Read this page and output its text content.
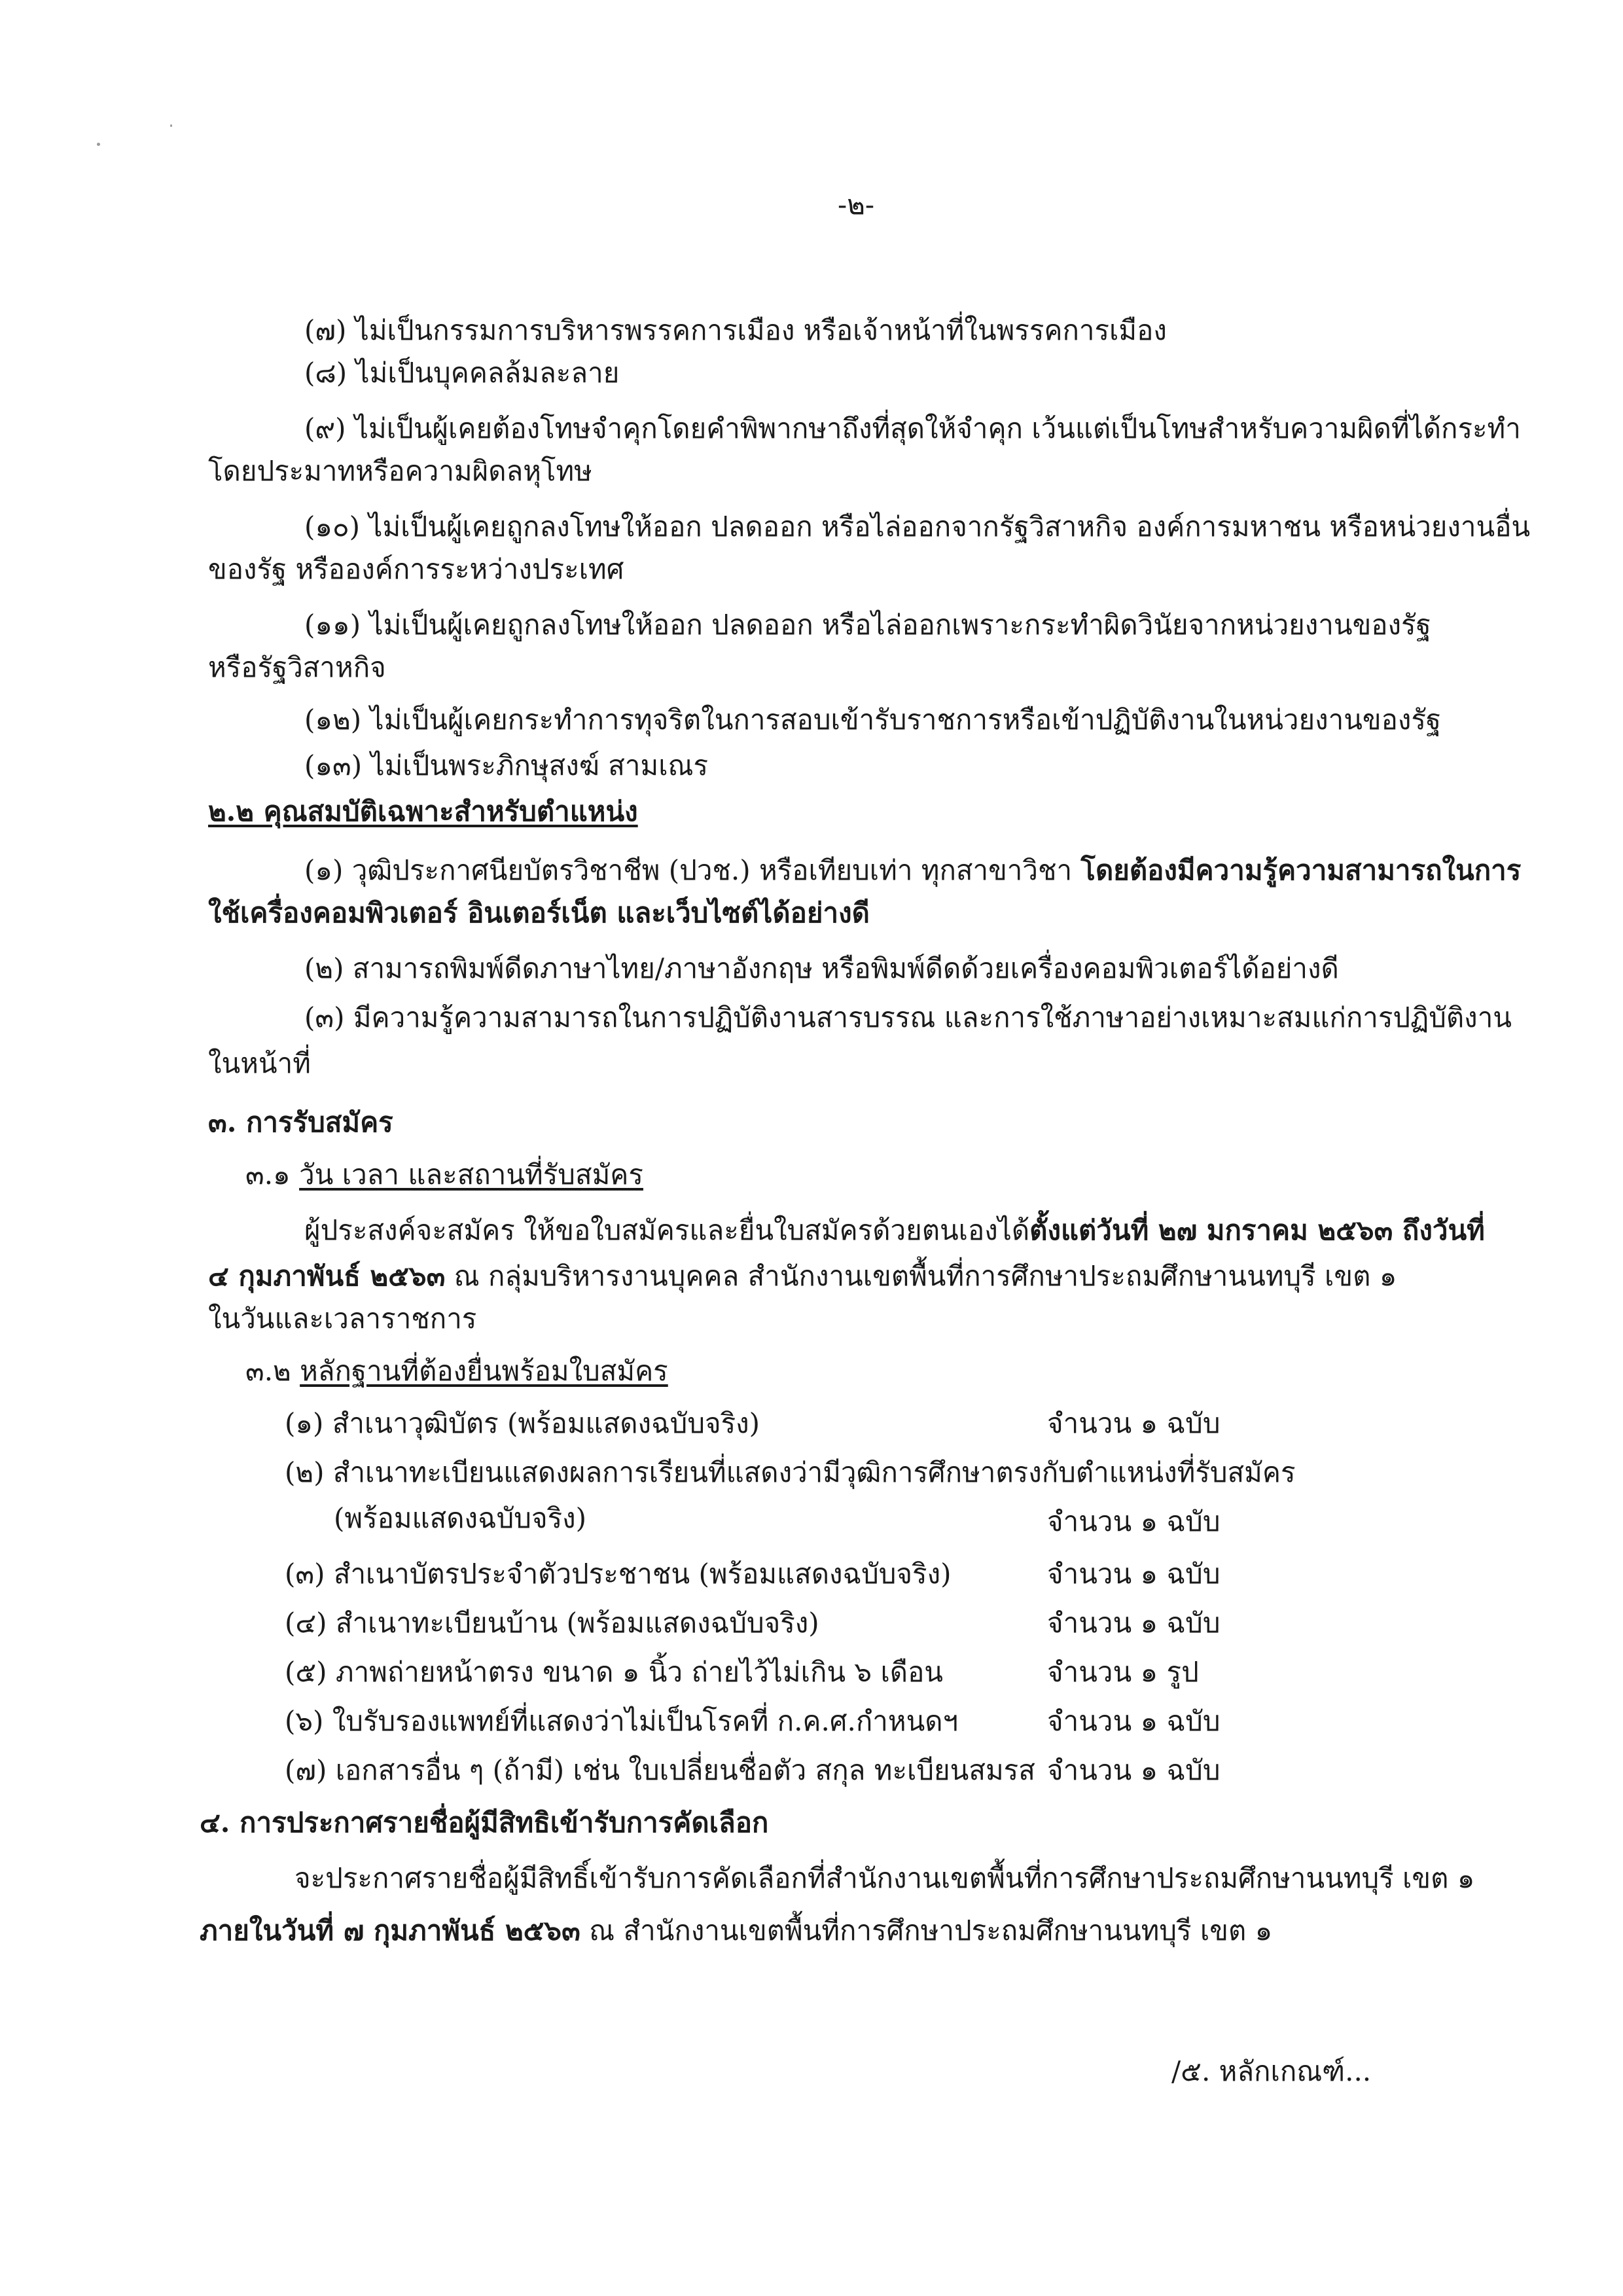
-๒-
(๗) ไม่เป็นกรรมการบริหารพรรคการเมือง หรือเจ้าหน้าที่ในพรรคการเมือง
(๘) ไม่เป็นบุคคลล้มละลาย
(๙) ไม่เป็นผู้เคยต้องโทษจำคุกโดยคำพิพากษาถึงที่สุดให้จำคุก เว้นแต่เป็นโทษสำหรับความผิดที่ได้กระทำ
โดยประมาทหรือความผิดลหุโทษ
(๑๐) ไม่เป็นผู้เคยถูกลงโทษให้ออก ปลดออก หรือไล่ออกจากรัฐวิสาหกิจ องค์การมหาชน หรือหน่วยงานอื่น
ของรัฐ หรือองค์การระหว่างประเทศ
(๑๑) ไม่เป็นผู้เคยถูกลงโทษให้ออก ปลดออก หรือไล่ออกเพราะกระทำผิดวินัยจากหน่วยงานของรัฐ
หรือรัฐวิสาหกิจ
(๑๒) ไม่เป็นผู้เคยกระทำการทุจริตในการสอบเข้ารับราชการหรือเข้าปฏิบัติงานในหน่วยงานของรัฐ
(๑๓) ไม่เป็นพระภิกษุสงฆ์ สามเณร
๒.๒ คุณสมบัติเฉพาะสำหรับตำแหน่ง
(๑) วุฒิประกาศนียบัตรวิชาชีพ (ปวช.) หรือเทียบเท่า ทุกสาขาวิชา โดยต้องมีความรู้ความสามารถในการ
ใช้เครื่องคอมพิวเตอร์ อินเตอร์เน็ต และเว็บไซต์ได้อย่างดี
(๒) สามารถพิมพ์ดีดภาษาไทย/ภาษาอังกฤษ หรือพิมพ์ดีดด้วยเครื่องคอมพิวเตอร์ได้อย่างดี
(๓) มีความรู้ความสามารถในการปฏิบัติงานสารบรรณ และการใช้ภาษาอย่างเหมาะสมแก่การปฏิบัติงาน
ในหน้าที่
๓. การรับสมัคร
๓.๑ วัน เวลา และสถานที่รับสมัคร
ผู้ประสงค์จะสมัคร ให้ขอใบสมัครและยื่นใบสมัครด้วยตนเองได้ตั้งแต่วันที่ ๒๗ มกราคม ๒๕๖๓ ถึงวันที่
๔ กุมภาพันธ์ ๒๕๖๓ ณ กลุ่มบริหารงานบุคคล สำนักงานเขตพื้นที่การศึกษาประถมศึกษานนทบุรี เขต ๑
ในวันและเวลาราชการ
๓.๒ หลักฐานที่ต้องยื่นพร้อมใบสมัคร
(๑) สำเนาวุฒิบัตร (พร้อมแสดงฉบับจริง)	จำนวน ๑ ฉบับ
(๒) สำเนาทะเบียนแสดงผลการเรียนที่แสดงว่ามีวุฒิการศึกษาตรงกับตำแหน่งที่รับสมัคร
(พร้อมแสดงฉบับจริง)	จำนวน ๑ ฉบับ
(๓) สำเนาบัตรประจำตัวประชาชน (พร้อมแสดงฉบับจริง)	จำนวน ๑ ฉบับ
(๔) สำเนาทะเบียนบ้าน (พร้อมแสดงฉบับจริง)	จำนวน ๑ ฉบับ
(๕) ภาพถ่ายหน้าตรง ขนาด ๑ นิ้ว ถ่ายไว้ไม่เกิน ๖ เดือน	จำนวน ๑ รูป
(๖) ใบรับรองแพทย์ที่แสดงว่าไม่เป็นโรคที่ ก.ค.ศ.กำหนดฯ	จำนวน ๑ ฉบับ
(๗) เอกสารอื่น ๆ (ถ้ามี) เช่น ใบเปลี่ยนชื่อตัว สกุล ทะเบียนสมรส จำนวน ๑ ฉบับ
๔. การประกาศรายชื่อผู้มีสิทธิเข้ารับการคัดเลือก
จะประกาศรายชื่อผู้มีสิทธิ์เข้ารับการคัดเลือกที่สำนักงานเขตพื้นที่การศึกษาประถมศึกษานนทบุรี เขต ๑
ภายในวันที่ ๗ กุมภาพันธ์ ๒๕๖๓ ณ สำนักงานเขตพื้นที่การศึกษาประถมศึกษานนทบุรี เขต ๑
/๕. หลักเกณฑ์...
